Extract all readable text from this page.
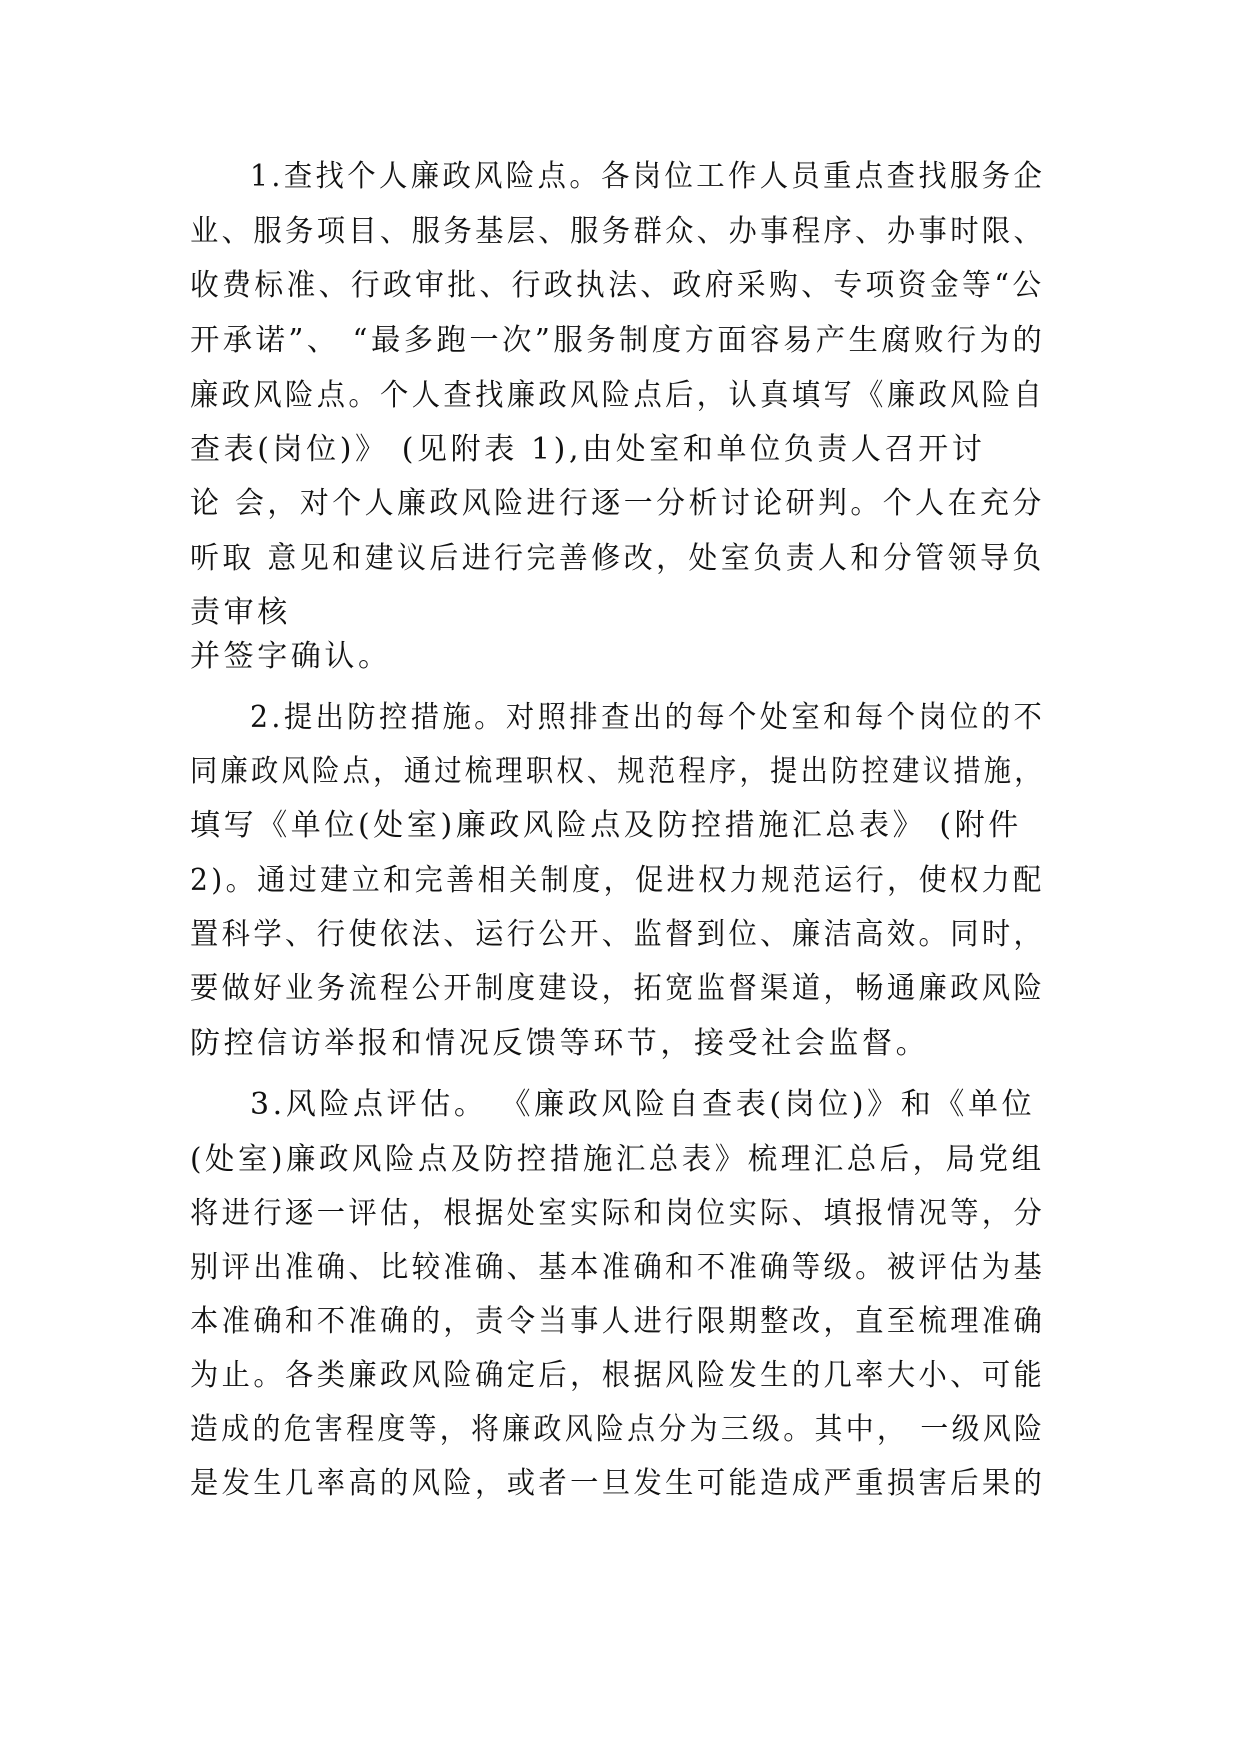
1.查找个人廉政风险点。各岗位工作人员重点查找服务企
业、服务项目、服务基层、服务群众、办事程序、办事时限、
收费标准、行政审批、行政执法、政府采购、专项资金等“公
开承诺”、 “最多跑一次”服务制度方面容易产生腐败行为的
廉政风险点。个人查找廉政风险点后，认真填写《廉政风险自
查表(岗位)》 (见附表 1),由处室和单位负责人召开讨
论 会，对个人廉政风险进行逐一分析讨论研判。个人在充分
听取 意见和建议后进行完善修改，处室负责人和分管领导负
责审核
并签字确认。
2.提出防控措施。对照排查出的每个处室和每个岗位的不
同廉政风险点，通过梳理职权、规范程序，提出防控建议措施，
填写《单位(处室)廉政风险点及防控措施汇总表》 (附件
2)。通过建立和完善相关制度，促进权力规范运行，使权力配
置科学、行使依法、运行公开、监督到位、廉洁高效。同时，
要做好业务流程公开制度建设，拓宽监督渠道，畅通廉政风险
防控信访举报和情况反馈等环节，接受社会监督。
3.风险点评估。 《廉政风险自查表(岗位)》和《单位
(处室)廉政风险点及防控措施汇总表》梳理汇总后，局党组
将进行逐一评估，根据处室实际和岗位实际、填报情况等，分
别评出准确、比较准确、基本准确和不准确等级。被评估为基
本准确和不准确的，责令当事人进行限期整改，直至梳理准确
为止。各类廉政风险确定后，根据风险发生的几率大小、可能
造成的危害程度等，将廉政风险点分为三级。其中， 一级风险
是发生几率高的风险，或者一旦发生可能造成严重损害后果的
